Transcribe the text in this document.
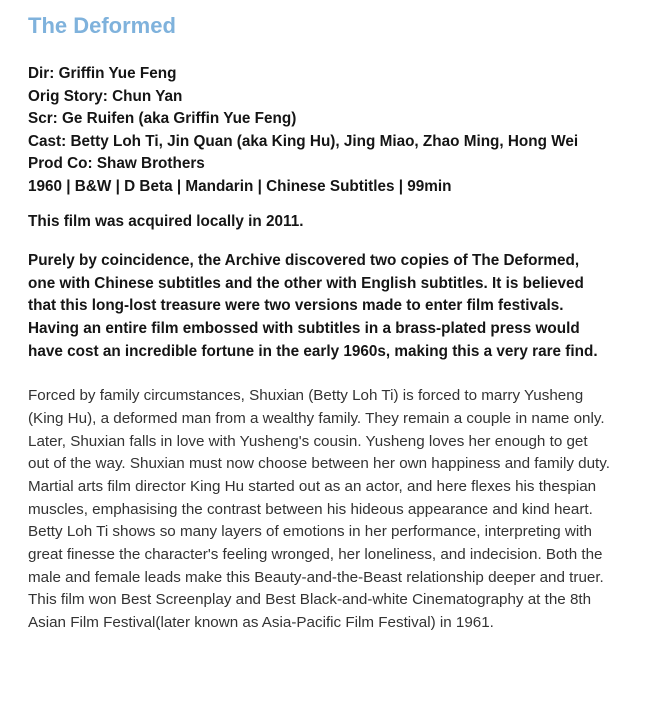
The Deformed
Dir: Griffin Yue Feng
Orig Story: Chun Yan
Scr: Ge Ruifen (aka Griffin Yue Feng)
Cast: Betty Loh Ti, Jin Quan (aka King Hu), Jing Miao, Zhao Ming, Hong Wei
Prod Co: Shaw Brothers
1960 | B&W | D Beta | Mandarin | Chinese Subtitles | 99min

This film was acquired locally in 2011.

Purely by coincidence, the Archive discovered two copies of The Deformed, one with Chinese subtitles and the other with English subtitles. It is believed that this long-lost treasure were two versions made to enter film festivals. Having an entire film embossed with subtitles in a brass-plated press would have cost an incredible fortune in the early 1960s, making this a very rare find.

Forced by family circumstances, Shuxian (Betty Loh Ti) is forced to marry Yusheng (King Hu), a deformed man from a wealthy family. They remain a couple in name only. Later, Shuxian falls in love with Yusheng's cousin. Yusheng loves her enough to get out of the way. Shuxian must now choose between her own happiness and family duty. Martial arts film director King Hu started out as an actor, and here flexes his thespian muscles, emphasising the contrast between his hideous appearance and kind heart. Betty Loh Ti shows so many layers of emotions in her performance, interpreting with great finesse the character's feeling wronged, her loneliness, and indecision. Both the male and female leads make this Beauty-and-the-Beast relationship deeper and truer. This film won Best Screenplay and Best Black-and-white Cinematography at the 8th Asian Film Festival(later known as Asia-Pacific Film Festival) in 1961.
